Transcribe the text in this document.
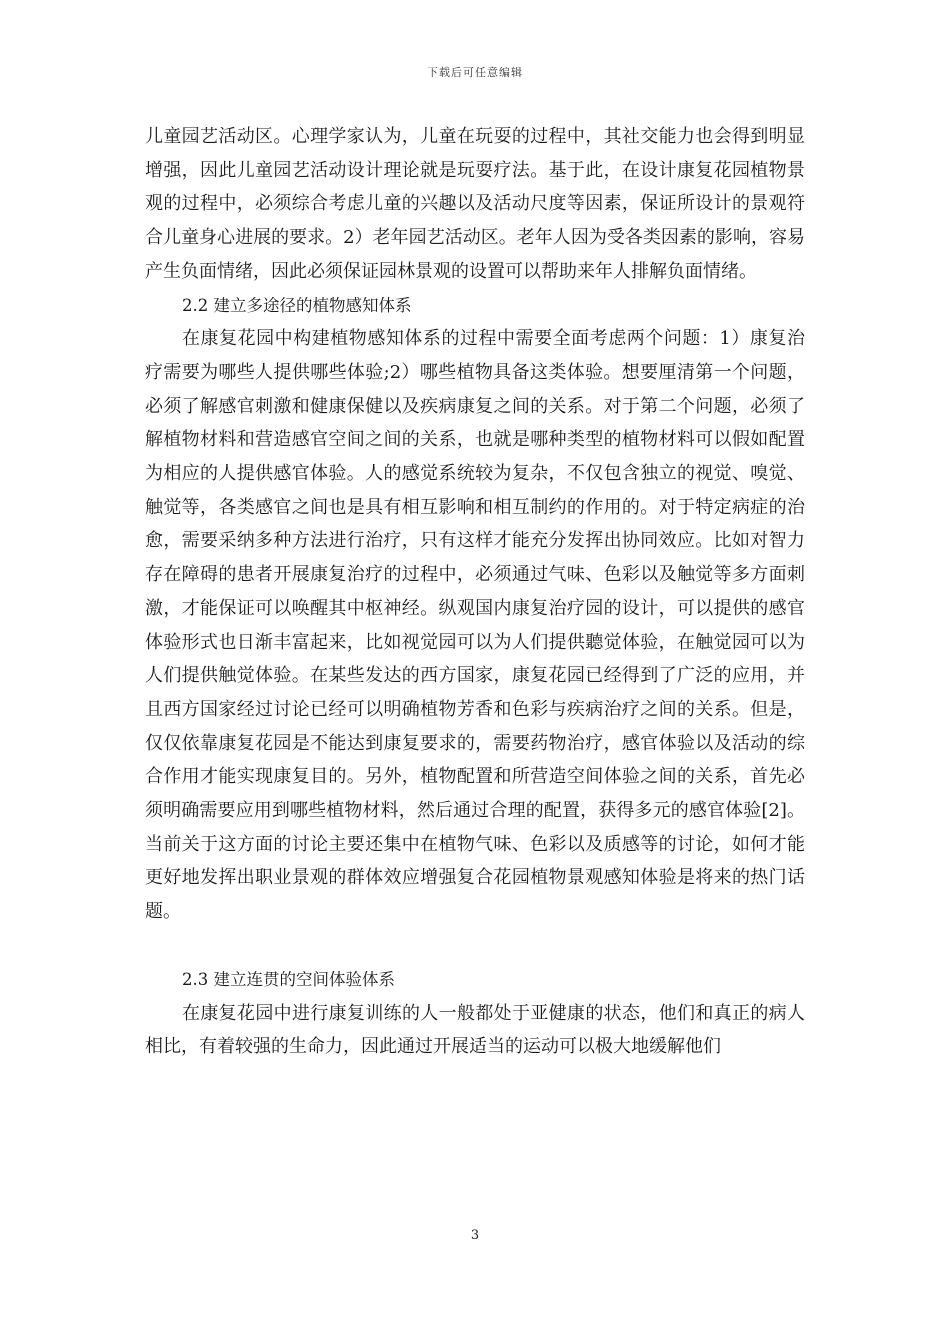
下载后可任意编辑

儿童园艺活动区。心理学家认为，儿童在玩耍的过程中，其社交能力也会得到明显增强，因此儿童园艺活动设计理论就是玩耍疗法。基于此，在设计康复花园植物景观的过程中，必须综合考虑儿童的兴趣以及活动尺度等因素，保证所设计的景观符合儿童身心进展的要求。2）老年园艺活动区。老年人因为受各类因素的影响，容易产生负面情绪，因此必须保证园林景观的设置可以帮助来年人排解负面情绪。

2.2 建立多途径的植物感知体系

在康复花园中构建植物感知体系的过程中需要全面考虑两个问题：1）康复治疗需要为哪些人提供哪些体验;2）哪些植物具备这类体验。想要厘清第一个问题，必须了解感官刺激和健康保健以及疾病康复之间的关系。对于第二个问题，必须了解植物材料和营造感官空间之间的关系，也就是哪种类型的植物材料可以假如配置为相应的人提供感官体验。人的感觉系统较为复杂，不仅包含独立的视觉、嗅觉、触觉等，各类感官之间也是具有相互影响和相互制约的作用的。对于特定病症的治愈，需要采纳多种方法进行治疗，只有这样才能充分发挥出协同效应。比如对智力存在障碍的患者开展康复治疗的过程中，必须通过气味、色彩以及触觉等多方面刺激，才能保证可以唤醒其中枢神经。纵观国内康复治疗园的设计，可以提供的感官体验形式也日渐丰富起来，比如视觉园可以为人们提供聽觉体验，在触觉园可以为人们提供触觉体验。在某些发达的西方国家，康复花园已经得到了广泛的应用，并且西方国家经过讨论已经可以明确植物芳香和色彩与疾病治疗之间的关系。但是，仅仅依靠康复花园是不能达到康复要求的，需要药物治疗，感官体验以及活动的综合作用才能实现康复目的。另外，植物配置和所营造空间体验之间的关系，首先必须明确需要应用到哪些植物材料，然后通过合理的配置，获得多元的感官体验[2]。当前关于这方面的讨论主要还集中在植物气味、色彩以及质感等的讨论，如何才能更好地发挥出职业景观的群体效应增强复合花园植物景观感知体验是将来的热门话题。

2.3 建立连贯的空间体验体系

在康复花园中进行康复训练的人一般都处于亚健康的状态，他们和真正的病人相比，有着较强的生命力，因此通过开展适当的运动可以极大地缓解他们

3
